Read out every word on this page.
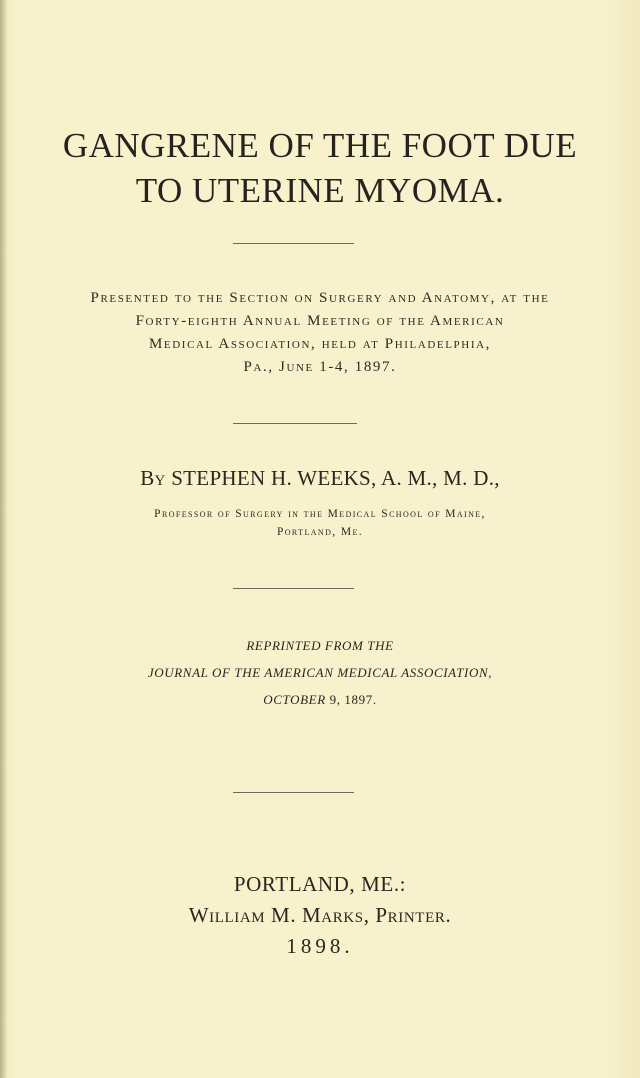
GANGRENE OF THE FOOT DUE
TO UTERINE MYOMA.
Presented to the Section on Surgery and Anatomy, at the
Forty-eighth Annual Meeting of the American
Medical Association, held at Philadelphia,
Pa., June 1-4, 1897.
By STEPHEN H. WEEKS, A. M., M. D.,
Professor of Surgery in the Medical School of Maine,
Portland, Me.
REPRINTED FROM THE
JOURNAL OF THE AMERICAN MEDICAL ASSOCIATION,
OCTOBER 9, 1897.
PORTLAND, ME.:
William M. Marks, Printer.
1898.
